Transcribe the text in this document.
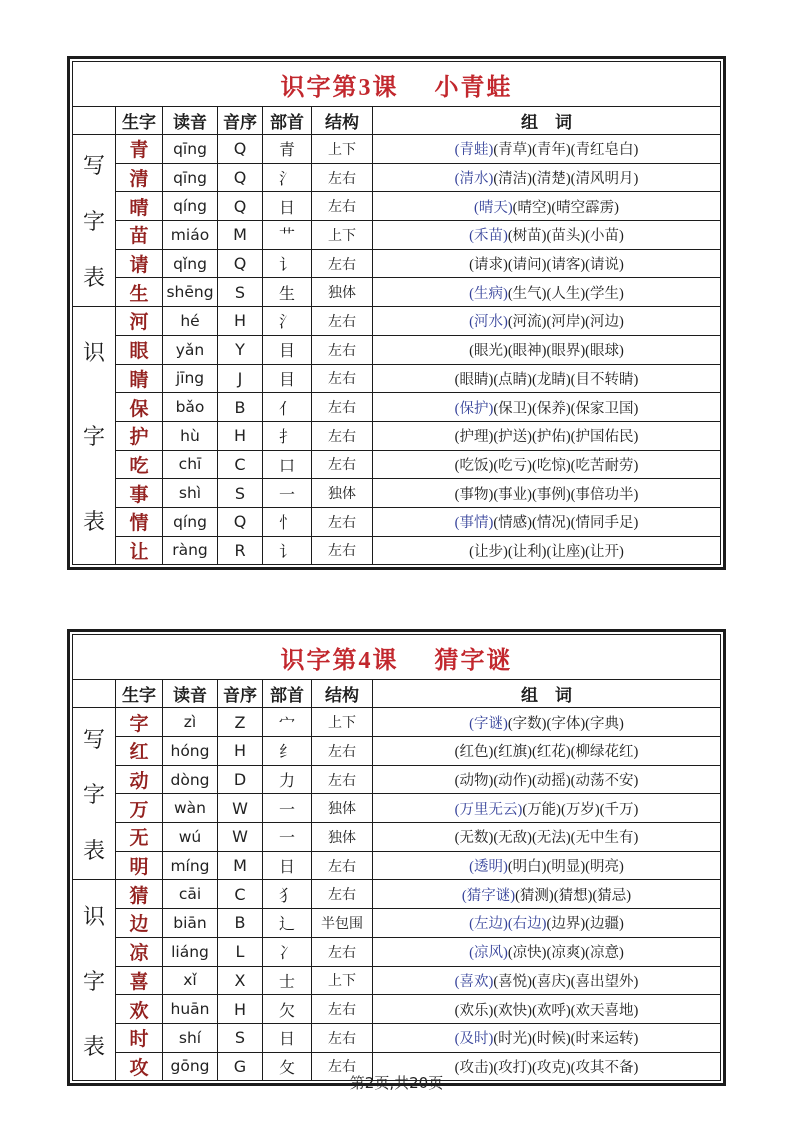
识字第3课 小青蛙						
	生字	读音	音序	部首	结构	组　词

写
字
表	青	qīng	Q	青	上下	(青蛙)(青草)(青年)(青红皂白)
	清	qīng	Q	氵	左右	(清水)(清洁)(清楚)(清风明月)
	晴	qíng	Q	日	左右	(晴天)(晴空)(晴空霹雳)
	苗	miáo	M	艹	上下	(禾苗)(树苗)(苗头)(小苗)
	请	qǐng	Q	讠	左右	(请求)(请问)(请客)(请说)
	生	shēng	S	生	独体	(生病)(生气)(人生)(学生)

识
字
表	河	hé	H	氵	左右	(河水)(河流)(河岸)(河边)
	眼	yǎn	Y	目	左右	(眼光)(眼神)(眼界)(眼球)
	睛	jīng	J	目	左右	(眼睛)(点睛)(龙睛)(目不转睛)
	保	bǎo	B	亻	左右	(保护)(保卫)(保养)(保家卫国)
	护	hù	H	扌	左右	(护理)(护送)(护佑)(护国佑民)
	吃	chī	C	口	左右	(吃饭)(吃亏)(吃惊)(吃苦耐劳)
	事	shì	S	一	独体	(事物)(事业)(事例)(事倍功半)
	情	qíng	Q	忄	左右	(事情)(情感)(情况)(情同手足)
	让	ràng	R	讠	左右	(让步)(让利)(让座)(让开)
识字第4课 猜字谜						
	生字	读音	音序	部首	结构	组　词

写
字
表	字	zì	Z	宀	上下	(字谜)(字数)(字体)(字典)
	红	hóng	H	纟	左右	(红色)(红旗)(红花)(柳绿花红)
	动	dòng	D	力	左右	(动物)(动作)(动摇)(动荡不安)
	万	wàn	W	一	独体	(万里无云)(万能)(万岁)(千万)
	无	wú	W	一	独体	(无数)(无敌)(无法)(无中生有)
	明	míng	M	日	左右	(透明)(明白)(明显)(明亮)

识
字
表	猜	cāi	C	犭	左右	(猜字谜)(猜测)(猜想)(猜忌)
	边	biān	B	辶	半包围	(左边)(右边)(边界)(边疆)
	凉	liáng	L	冫	左右	(凉风)(凉快)(凉爽)(凉意)
	喜	xǐ	X	士	上下	(喜欢)(喜悦)(喜庆)(喜出望外)
	欢	huān	H	欠	左右	(欢乐)(欢快)(欢呼)(欢天喜地)
	时	shí	S	日	左右	(及时)(时光)(时候)(时来运转)
	攻	gōng	G	攵	左右	(攻击)(攻打)(攻克)(攻其不备)
第2页,共20页
